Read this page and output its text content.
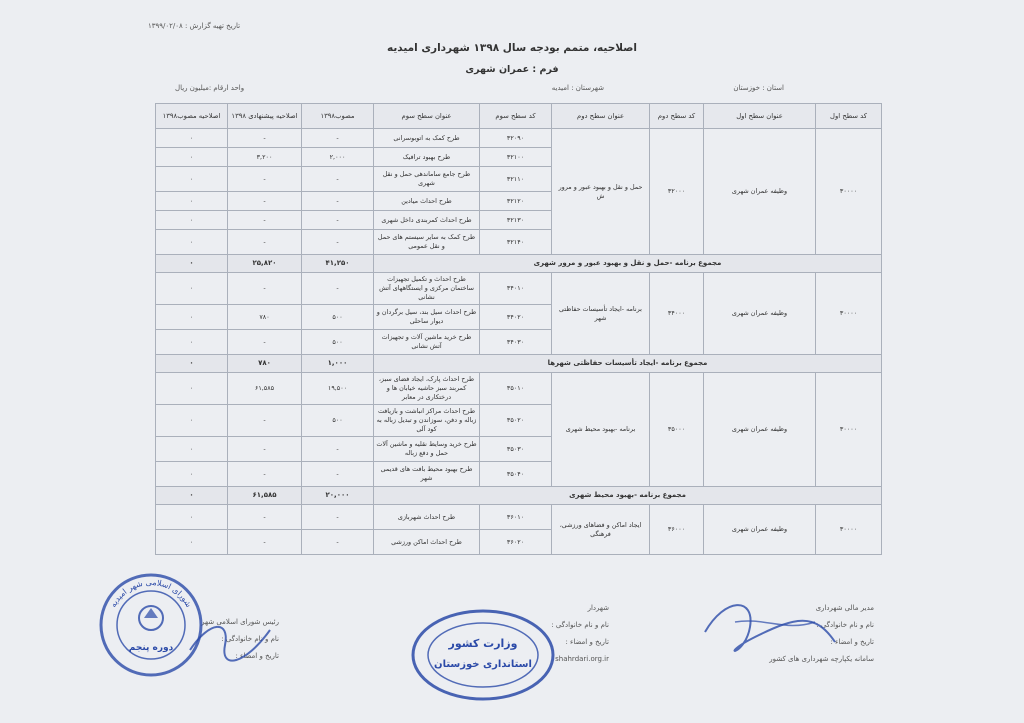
تاریخ تهیه گزارش : ۱۳۹۹/۰۲/۰۸
اصلاحیه، متمم بودجه سال ۱۳۹۸ شهرداری امیدیه
فرم : عمران شهری
استان : خوزستان
شهرستان : امیدیه
واحد ارقام :میلیون ریال
کد سطح اول	عنوان سطح اول	کد سطح دوم	عنوان سطح دوم	کد سطح سوم	عنوان سطح سوم	مصوب۱۳۹۸	اصلاحیه پیشنهادی ۱۳۹۸	اصلاحیه مصوب۱۳۹۸
۳۰۰۰۰	وظیفه عمران شهری	۳۲۰۰۰	حمل و نقل و بهبود عبور و مرور ش	۳۲۰۹۰	طرح کمک به اتوبوسرانی	-	-	۰
				۳۲۱۰۰	طرح بهبود ترافیک	۲,۰۰۰	۳,۲۰۰	۰
				۳۲۱۱۰	طرح جامع ساماندهی حمل و نقل شهری	-	-	۰
				۳۲۱۲۰	طرح احداث میادین	-	-	۰
				۳۲۱۳۰	طرح احداث کمربندی داخل شهری	-	-	۰
				۳۲۱۴۰	طرح کمک به سایر سیستم های حمل و نقل عمومی	-	-	۰
مجموع برنامه -حمل و نقل و بهبود عبور و مرور شهری						۴۱,۲۵۰	۲۵,۸۲۰	۰
۳۰۰۰۰	وظیفه عمران شهری	۳۴۰۰۰	برنامه -ایجاد تأسیسات حفاظتی شهر	۳۴۰۱۰	طرح احداث و تکمیل تجهیزات ساختمان مرکزی و ایستگاههای آتش نشانی	-	-	۰
				۳۴۰۲۰	طرح احداث سیل بند، سیل برگردان و دیوار ساحلی	۵۰۰	۷۸۰	۰
				۳۴۰۳۰	طرح خرید ماشین آلات و تجهیزات آتش نشانی	۵۰۰	-	۰
مجموع برنامه -ایجاد تأسیسات حفاظتی شهرها						۱,۰۰۰	۷۸۰	۰
۳۰۰۰۰	وظیفه عمران شهری	۳۵۰۰۰	برنامه -بهبود محیط شهری	۳۵۰۱۰	طرح احداث پارک، ایجاد فضای سبز، کمربند سبز حاشیه خیابان ها و درختکاری در معابر	۱۹,۵۰۰	۶۱,۵۸۵	۰
				۳۵۰۲۰	طرح احداث مراکز انباشت و بازیافت زباله و دفن، سوزاندن و تبدیل زباله به کود آلی	۵۰۰	-	۰
				۳۵۰۳۰	طرح خرید وسایط نقلیه و ماشین آلات حمل و دفع زباله	-	-	۰
				۳۵۰۴۰	طرح بهبود محیط بافت های قدیمی شهر	-	-	۰
مجموع برنامه -بهبود محیط شهری						۲۰,۰۰۰	۶۱,۵۸۵	۰
۳۰۰۰۰	وظیفه عمران شهری	۳۶۰۰۰	ایجاد اماکن و فضاهای ورزشی، فرهنگی	۳۶۰۱۰	طرح احداث شهربازی	-	-	۰
				۳۶۰۲۰	طرح احداث اماکن ورزشی	-	-	۰
مدیر مالی شهرداری
نام و نام خانوادگی :
تاریخ و امضاء :
سامانه یکپارچه شهرداری های کشور
شهردار
نام و نام خانوادگی :
تاریخ و امضاء :
shahrdari.org.ir
رئیس شورای اسلامی شهر
نام و نام خانوادگی :
تاریخ و امضاء :
شورای اسلامی شهر امیدیه
دوره پنجم	وزارت کشور
استانداری خوزستان
